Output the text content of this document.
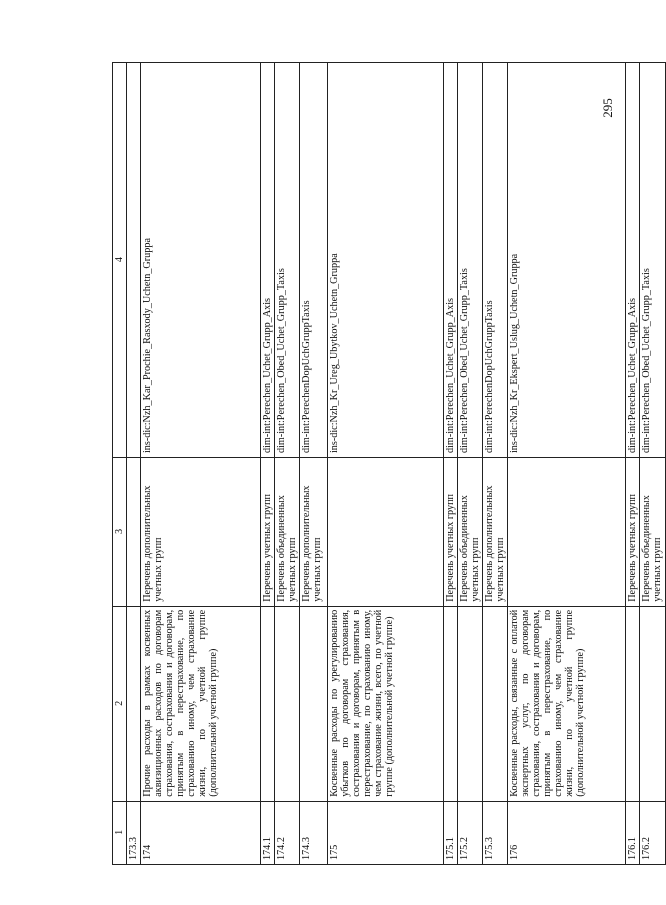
295
1	2	3	4
173.3	

174	Прочие расходы в рамках косвенных аквизиционных расходов по договорам страхования, сострахования и договорам, принятым в перестрахование, по страхованию иному, чем страхование жизни, по учетной группе (дополнительной учетной группе)	Перечень дополнительных учетных групп	ins-dic:Nzh_Kar_Prochie_Rasxody_Uchetn_Gruppa
174.1		Перечень учетных групп	dim-int:Perechen_Uchet_Grupp_Axis
174.2		Перечень объединенных учетных групп	dim-int:Perechen_Obed_Uchet_Grupp_Taxis
174.3		Перечень дополнительных учетных групп	dim-int:PerechenDopUchGruppTaxis
175	Косвенные расходы по урегулированию убытков по договорам страхования, сострахования и договорам, принятым в перестрахование, по страхованию иному, чем страхование жизни, всего, по учетной группе (дополнительной учетной группе)		ins-dic:Nzh_Kr_Ureg_Ubytkov_Uchetn_Gruppa
175.1		Перечень учетных групп	dim-int:Perechen_Uchet_Grupp_Axis
175.2		Перечень объединенных учетных групп	dim-int:Perechen_Obed_Uchet_Grupp_Taxis
175.3		Перечень дополнительных учетных групп	dim-int:PerechenDopUchGruppTaxis
176	Косвенные расходы, связанные с оплатой экспертных услуг, по договорам страхования, сострахования и договорам, принятым в перестрахование, по страхованию иному, чем страхование жизни, по учетной группе (дополнительной учетной группе)		ins-dic:Nzh_Kr_Ekspert_Uslug_Uchetn_Gruppa
176.1		Перечень учетных групп	dim-int:Perechen_Uchet_Grupp_Axis
176.2		Перечень объединенных учетных групп	dim-int:Perechen_Obed_Uchet_Grupp_Taxis
